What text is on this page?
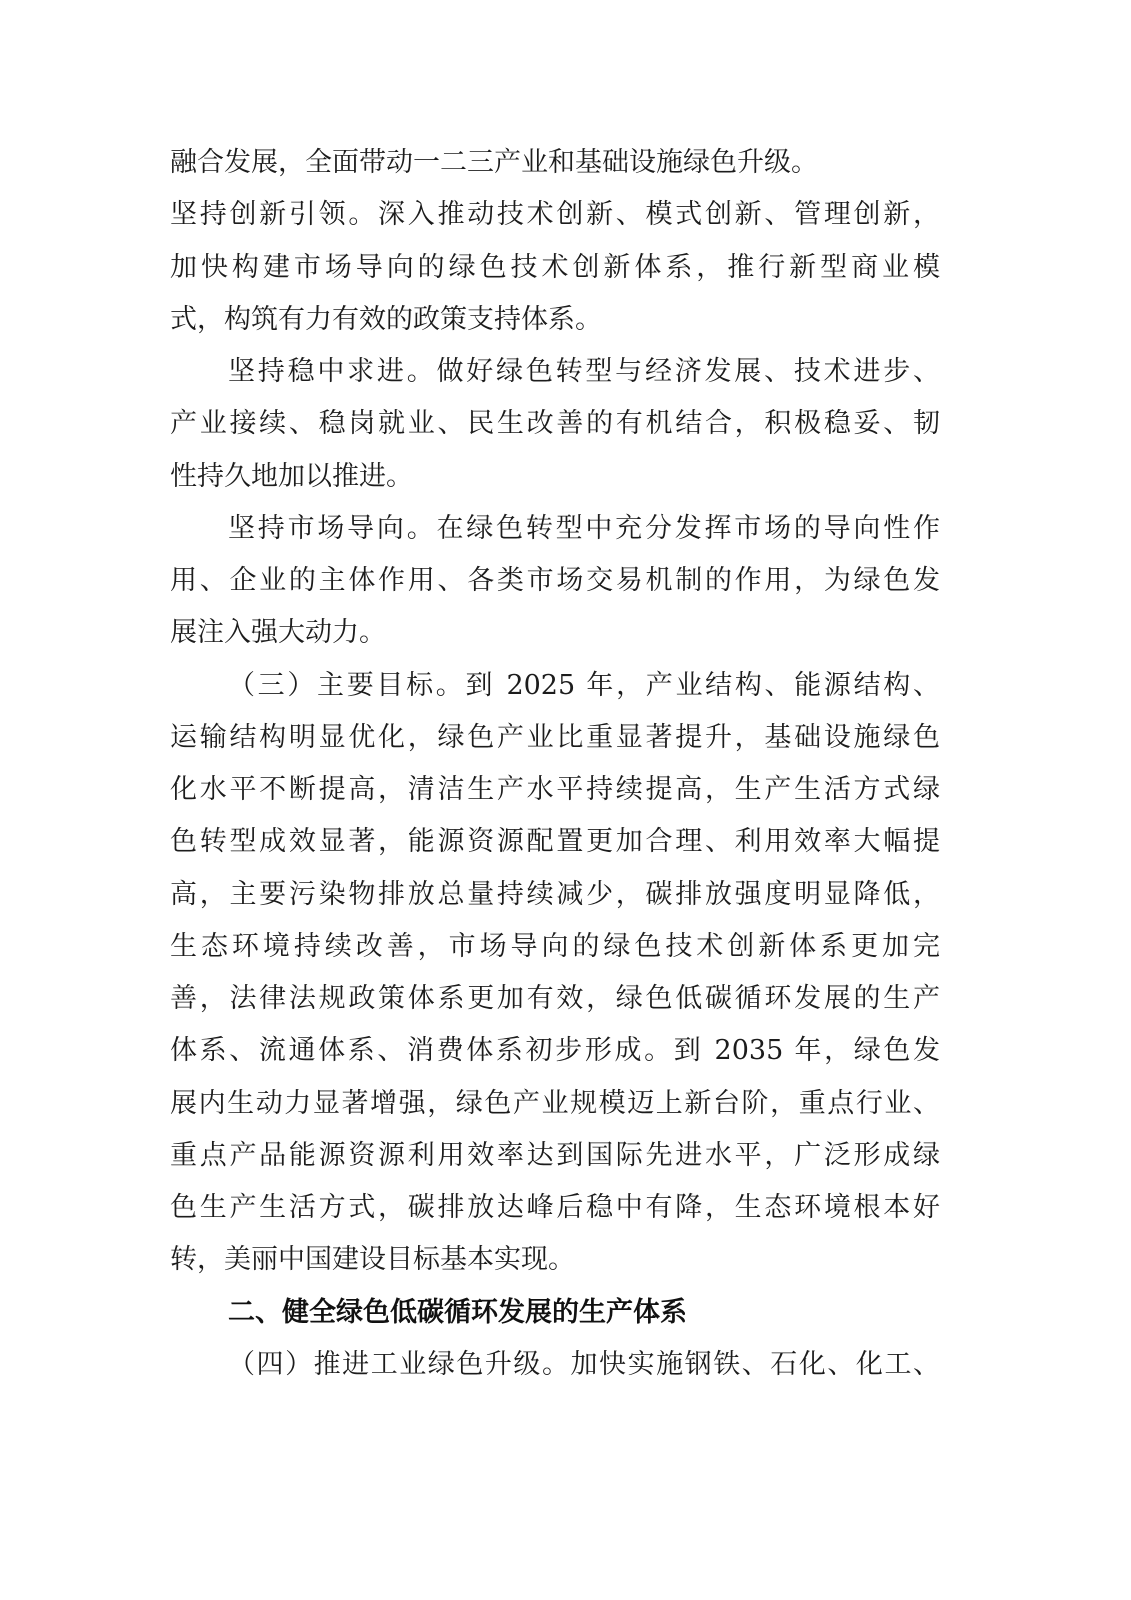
融合发展，全面带动一二三产业和基础设施绿色升级。
坚持创新引领。深入推动技术创新、模式创新、管理创新，
加快构建市场导向的绿色技术创新体系，推行新型商业模
式，构筑有力有效的政策支持体系。
坚持稳中求进。做好绿色转型与经济发展、技术进步、
产业接续、稳岗就业、民生改善的有机结合，积极稳妥、韧
性持久地加以推进。
坚持市场导向。在绿色转型中充分发挥市场的导向性作
用、企业的主体作用、各类市场交易机制的作用，为绿色发
展注入强大动力。
（三）主要目标。到 2025 年，产业结构、能源结构、
运输结构明显优化，绿色产业比重显著提升，基础设施绿色
化水平不断提高，清洁生产水平持续提高，生产生活方式绿
色转型成效显著，能源资源配置更加合理、利用效率大幅提
高，主要污染物排放总量持续减少，碳排放强度明显降低，
生态环境持续改善，市场导向的绿色技术创新体系更加完
善，法律法规政策体系更加有效，绿色低碳循环发展的生产
体系、流通体系、消费体系初步形成。到 2035 年，绿色发
展内生动力显著增强，绿色产业规模迈上新台阶，重点行业、
重点产品能源资源利用效率达到国际先进水平，广泛形成绿
色生产生活方式，碳排放达峰后稳中有降，生态环境根本好
转，美丽中国建设目标基本实现。
二、健全绿色低碳循环发展的生产体系
（四）推进工业绿色升级。加快实施钢铁、石化、化工、
